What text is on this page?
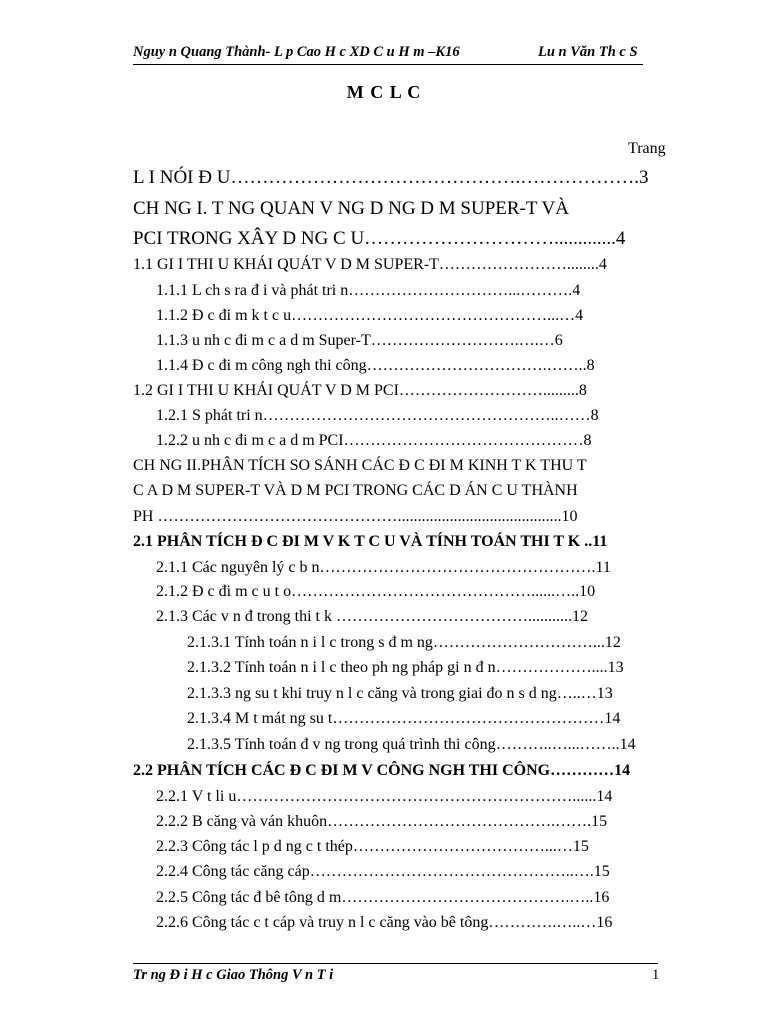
Nguy n Quang Thành- L p Cao H c XD C u H m –K16	Lu n Văn Th c S
M C L C
Trang
L I NÓI Đ U……………………………………….……………….3
CH NG I. T NG QUAN V NG D NG D M SUPER-T VÀ
PCI TRONG XÂY D NG C U………………………….............4
1.1 GI I THI U KHÁI QUÁT V D M SUPER-T……………………........4
1.1.1 L ch s ra đ i và phát tri n…………………………...……….4
1.1.2 Đ c đi m k t c u…………………………………………...…4
1.1.3 u nh c đi m c a d m Super-T……………………….….…6
1.1.4 Đ c đi m công ngh thi công…………………………….……..8
1.2 GI I THI U KHÁI QUÁT V D M PCI……………………….........8
1.2.1 S phát tri n………………………………………………..……8
1.2.2 u nh c đi m c a d m PCI………………………………………8
CH NG II.PHÂN TÍCH SO SÁNH CÁC Đ C ĐI M KINH T K THU T
C A D M SUPER-T VÀ D M PCI TRONG CÁC D ÁN C U THÀNH
PH ……………………………………….........................................10
2.1 PHÂN TÍCH Đ C ĐI M V K T C U VÀ TÍNH TOÁN THI T K ..11
2.1.1 Các nguyên lý c b n…………………………………………….11
2.1.2 Đ c đi m c u t o………………………………………......…..10
2.1.3 Các v n đ trong thi t k ………………………………...........12
2.1.3.1 Tính toán n i l c trong s đ m ng…………………………...12
2.1.3.2 Tính toán n i l c theo ph ng pháp gi n đ n………………....13
2.1.3.3 ng su t khi truy n l c căng và trong giai đo n s d ng…..…13
2.1.3.4 M t mát ng su t……………………………………………14
2.1.3.5 Tính toán đ v ng trong quá trình thi công………..…...……..14
2.2 PHÂN TÍCH CÁC Đ C ĐI M V CÔNG NGH THI CÔNG…………14
2.2.1 V t li u………………………………………………………......14
2.2.2 B căng và ván khuôn…………………………………….…….15
2.2.3 Công tác l p d ng c t thép………………………………...…15
2.2.4 Công tác căng cáp…………………………………………..….15
2.2.5 Công tác đ bê tông d m…………………………………….…..16
2.2.6 Công tác c t cáp và truy n l c căng vào bê tông………….…..…16
Tr ng Đ i H c Giao Thông V n T i	1
